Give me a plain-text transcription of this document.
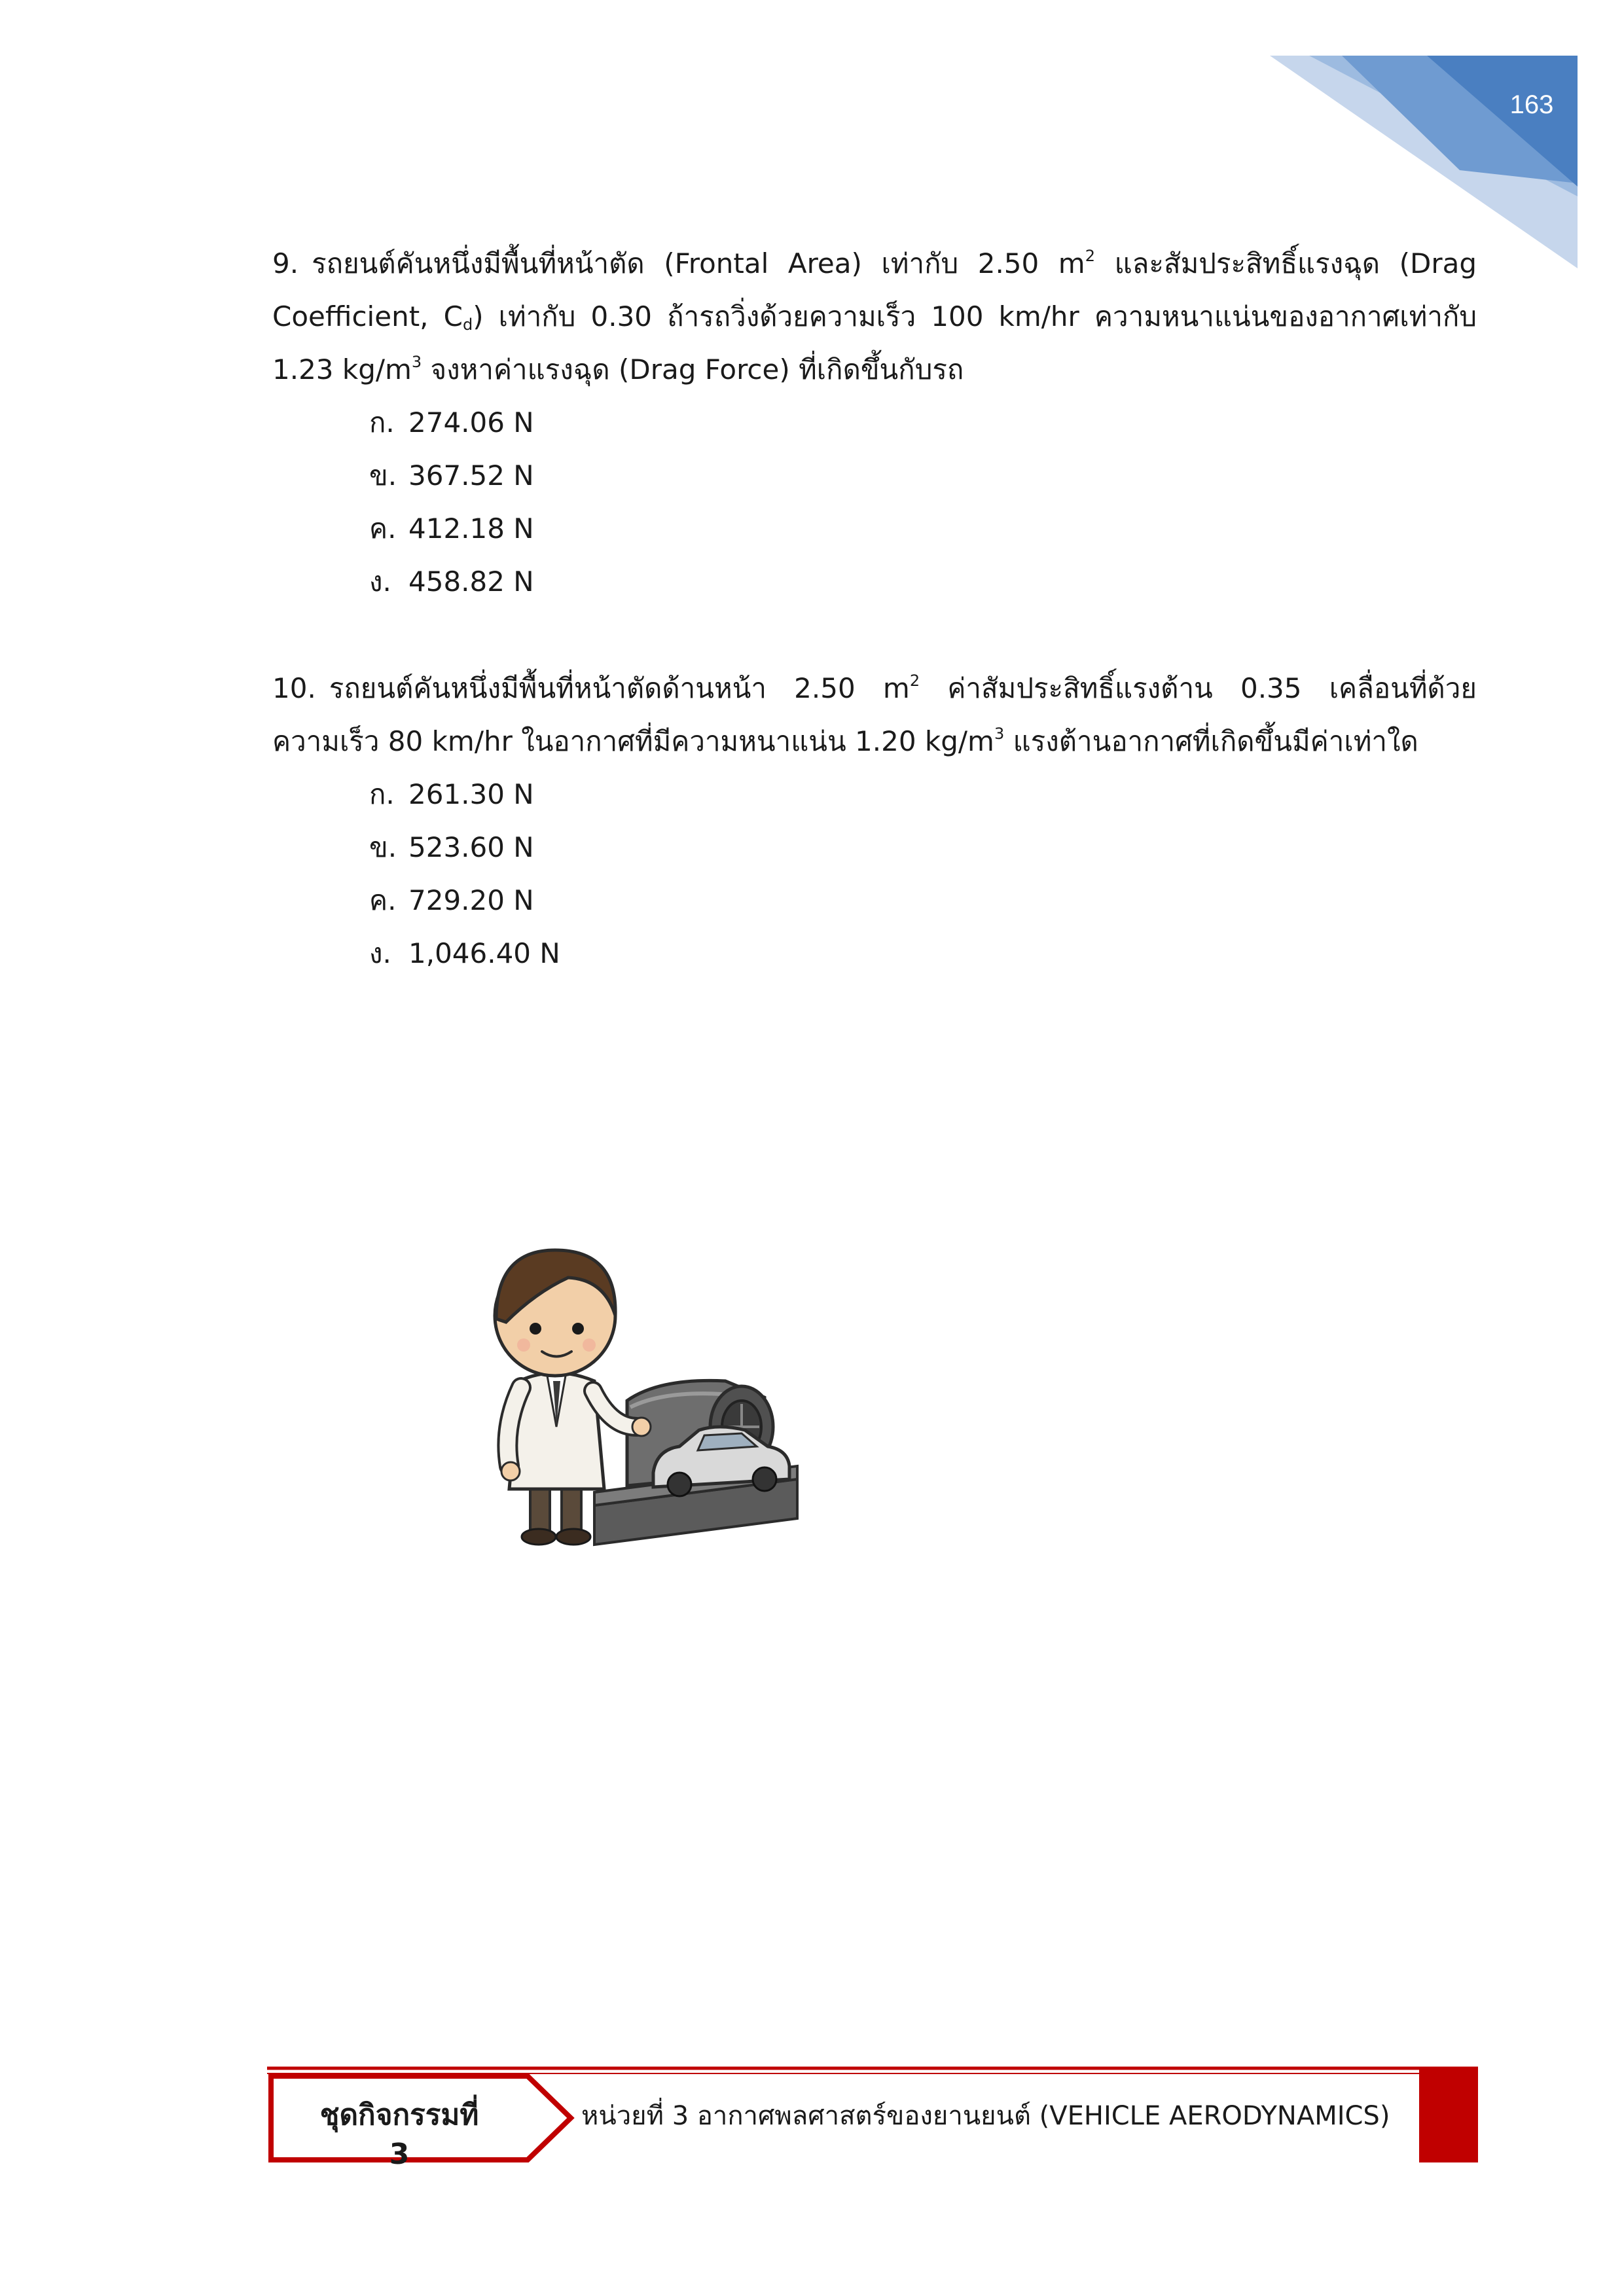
163

9. รถยนต์คันหนึ่งมีพื้นที่หน้าตัด (Frontal Area) เท่ากับ 2.50 $m^2$ และสัมประสิทธิ์แรงฉุด (Drag Coefficient, $C_d$) เท่ากับ 0.30 ถ้ารถวิ่งด้วยความเร็ว 100 km/hr ความหนาแน่นของอากาศเท่ากับ 1.23 $kg/m^3$ จงหาค่าแรงฉุด (Drag Force) ที่เกิดขึ้นกับรถ

ก. 274.06 N
ข. 367.52 N
ค. 412.18 N
ง. 458.82 N

10. รถยนต์คันหนึ่งมีพื้นที่หน้าตัดด้านหน้า 2.50 $m^2$ ค่าสัมประสิทธิ์แรงต้าน 0.35 เคลื่อนที่ด้วยความเร็ว 80 km/hr ในอากาศที่มีความหนาแน่น 1.20 $kg/m^3$ แรงต้านอากาศที่เกิดขึ้นมีค่าเท่าใด

ก. 261.30 N
ข. 523.60 N
ค. 729.20 N
ง. 1,046.40 N
ชุดกิจกรรมที่ 3
หน่วยที่ 3 อากาศพลศาสตร์ของยานยนต์ (VEHICLE AERODYNAMICS)
